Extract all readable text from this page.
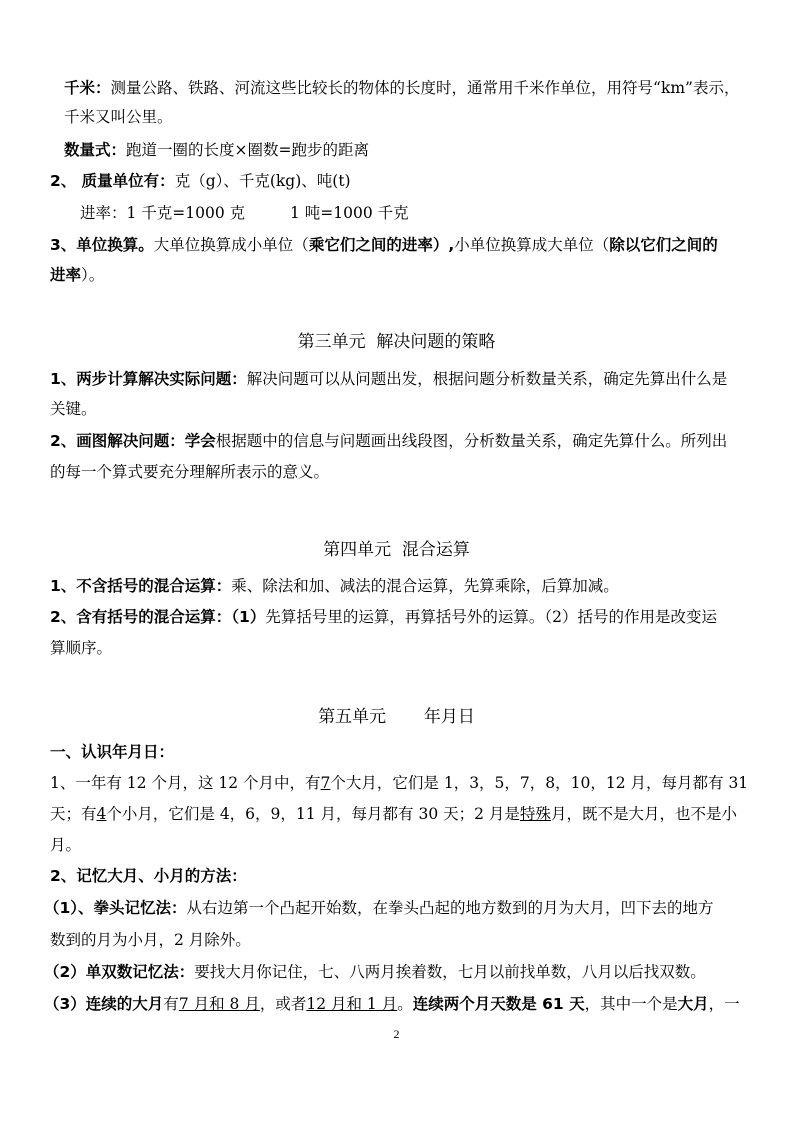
千米：测量公路、铁路、河流这些比较长的物体的长度时，通常用千米作单位，用符号“km”表示，
千米又叫公里。
数量式：跑道一圈的长度×圈数=跑步的距离
2、 质量单位有：克（g）、千克(kg)、吨(t)
进率：1 千克=1000 克	1 吨=1000 千克
3、单位换算。大单位换算成小单位（乘它们之间的进率）,小单位换算成大单位（除以它们之间的
进率）。
第三单元  解决问题的策略
1、两步计算解决实际问题：解决问题可以从问题出发，根据问题分析数量关系，确定先算出什么是
关键。
2、画图解决问题：学会根据题中的信息与问题画出线段图，分析数量关系，确定先算什么。所列出
的每一个算式要充分理解所表示的意义。
第四单元  混合运算
1、不含括号的混合运算：乘、除法和加、减法的混合运算，先算乘除，后算加减。
2、含有括号的混合运算：（1）先算括号里的运算，再算括号外的运算。（2）括号的作用是改变运
算顺序。
第五单元       年月日
一、认识年月日：
1、一年有 12 个月，这 12 个月中，有7个大月，它们是 1，3，5，7，8，10，12 月，每月都有 31
天；有4个小月，它们是 4，6，9，11 月，每月都有 30 天；2 月是特殊月，既不是大月，也不是小
月。
2、记忆大月、小月的方法：
（1）、拳头记忆法：从右边第一个凸起开始数，在拳头凸起的地方数到的月为大月，凹下去的地方
数到的月为小月，2 月除外。
（2）单双数记忆法：要找大月你记住，七、八两月挨着数，七月以前找单数，八月以后找双数。
（3）连续的大月有7 月和 8 月，或者12 月和 1 月。连续两个月天数是 61 天，其中一个是大月，一
2
